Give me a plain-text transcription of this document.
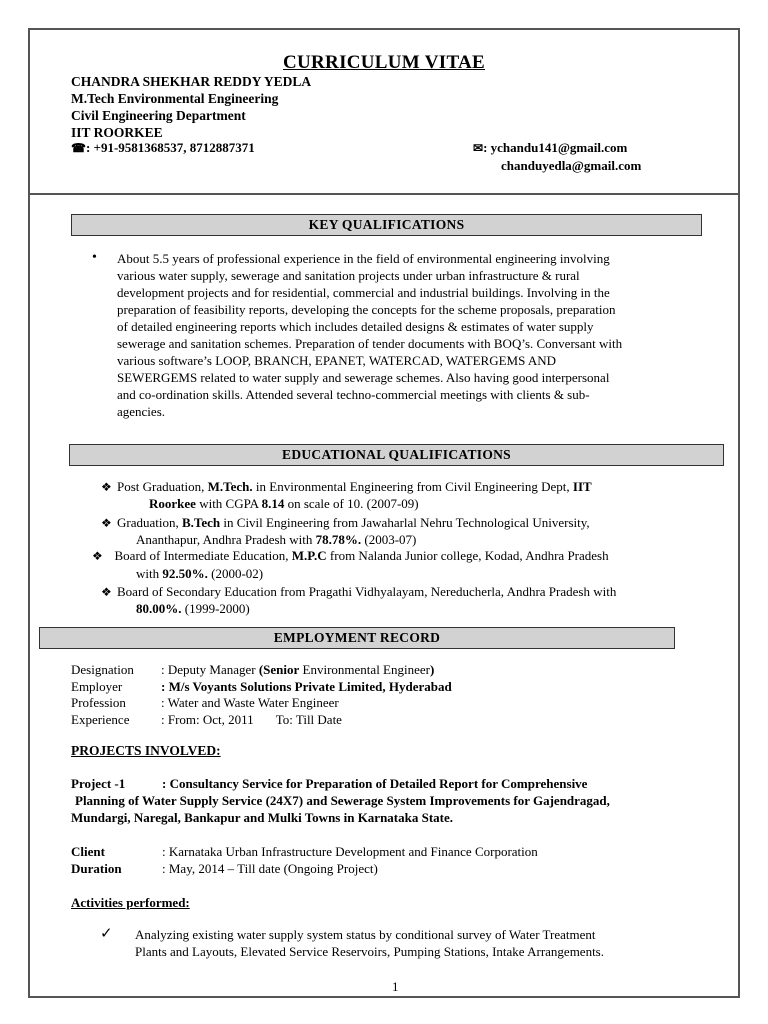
CURRICULUM VITAE
CHANDRA SHEKHAR REDDY YEDLA
M.Tech Environmental Engineering
Civil Engineering Department
IIT ROORKEE
☎: +91-9581368537, 8712887371	✉: ychandu141@gmail.com
chanduyedla@gmail.com
KEY QUALIFICATIONS
• About 5.5 years of professional experience in the field of environmental engineering involving
various water supply, sewerage and sanitation projects under urban infrastructure & rural
development projects and for residential, commercial and industrial buildings. Involving in the
preparation of feasibility reports, developing the concepts for the scheme proposals, preparation
of detailed engineering reports which includes detailed designs & estimates of water supply
sewerage and sanitation schemes. Preparation of tender documents with BOQ’s. Conversant with
various software’s LOOP, BRANCH, EPANET, WATERCAD, WATERGEMS AND
SEWERGEMS related to water supply and sewerage schemes. Also having good interpersonal
and co-ordination skills. Attended several techno-commercial meetings with clients & sub-
agencies.
EDUCATIONAL QUALIFICATIONS
❖ Post Graduation, M.Tech. in Environmental Engineering from Civil Engineering Dept, IIT
Roorkee with CGPA 8.14 on scale of 10. (2007-09)
❖ Graduation, B.Tech in Civil Engineering from Jawaharlal Nehru Technological University,
Ananthapur, Andhra Pradesh with 78.78%. (2003-07)
❖ Board of Intermediate Education, M.P.C from Nalanda Junior college, Kodad, Andhra Pradesh
with 92.50%. (2000-02)
❖ Board of Secondary Education from Pragathi Vidhyalayam, Nereducherla, Andhra Pradesh with
80.00%. (1999-2000)
EMPLOYMENT RECORD
Designation : Deputy Manager (Senior Environmental Engineer)
Employer	: M/s Voyants Solutions Private Limited, Hyderabad
Profession	: Water and Waste Water Engineer
Experience : From: Oct, 2011 To: Till Date
PROJECTS INVOLVED:
Project -1	: Consultancy Service for Preparation of Detailed Report for Comprehensive
Planning of Water Supply Service (24X7) and Sewerage System Improvements for Gajendragad,
Mundargi, Naregal, Bankapur and Mulki Towns in Karnataka State.
Client	: Karnataka Urban Infrastructure Development and Finance Corporation
Duration	: May, 2014 – Till date (Ongoing Project)
Activities performed:
✓ Analyzing existing water supply system status by conditional survey of Water Treatment
Plants and Layouts, Elevated Service Reservoirs, Pumping Stations, Intake Arrangements.
1
